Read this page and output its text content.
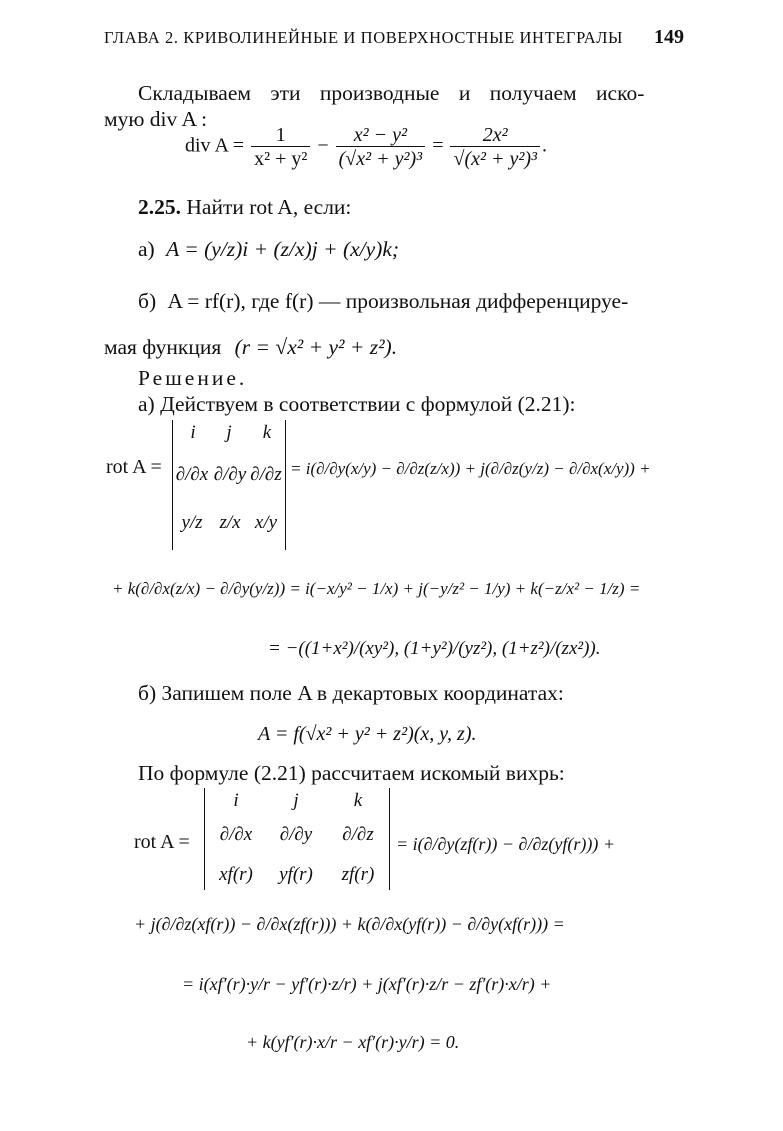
ГЛАВА 2. КРИВОЛИНЕЙНЫЕ И ПОВЕРХНОСТНЫЕ ИНТЕГРАЛЫ 149
Складываем эти производные и получаем иско-
мую div A :
div $A = \frac{1}{\text{x² + y²}} - \frac{\text{x² − y²}}{\text{(√x² + y²)³}} = \frac{\text{2x²}}{\text{√(x² + y²)³}}$ .
2.25. Найти rot A, если:
а) A = (y/z)i + (z/x)j + (x/y)k;
б) A = rf(r), где f(r) — произвольная дифференцируе-
мая функция (r = √x² + y² + z²).
Решение.
а) Действуем в соответствии с формулой (2.21):
rot A =
i	j	k
∂/∂x ∂/∂y ∂/∂z
y/z z/x x/y
= i(∂/∂y(x/y) − ∂/∂z(z/x)) + j(∂/∂z(y/z) − ∂/∂x(x/y)) +
+ k(∂/∂x(z/x) − ∂/∂y(y/z)) = i(−x/y² − 1/x) + j(−y/z² − 1/y) + k(−z/x² − 1/z) =
= −((1+x²)/(xy²), (1+y²)/(yz²), (1+z²)/(zx²)).
б) Запишем поле A в декартовых координатах:
A = f(√x² + y² + z²)(x, y, z).
По формуле (2.21) рассчитаем искомый вихрь:
rot A =
i	j	k
∂/∂x	∂/∂y	∂/∂z
xf(r)	yf(r)	zf(r)
= i(∂/∂y(zf(r)) − ∂/∂z(yf(r))) +
+ j(∂/∂z(xf(r)) − ∂/∂x(zf(r))) + k(∂/∂x(yf(r)) − ∂/∂y(xf(r))) =
= i(xf′(r)·y/r − yf′(r)·z/r) + j(xf′(r)·z/r − zf′(r)·x/r) +
+ k(yf′(r)·x/r − xf′(r)·y/r) = 0.
